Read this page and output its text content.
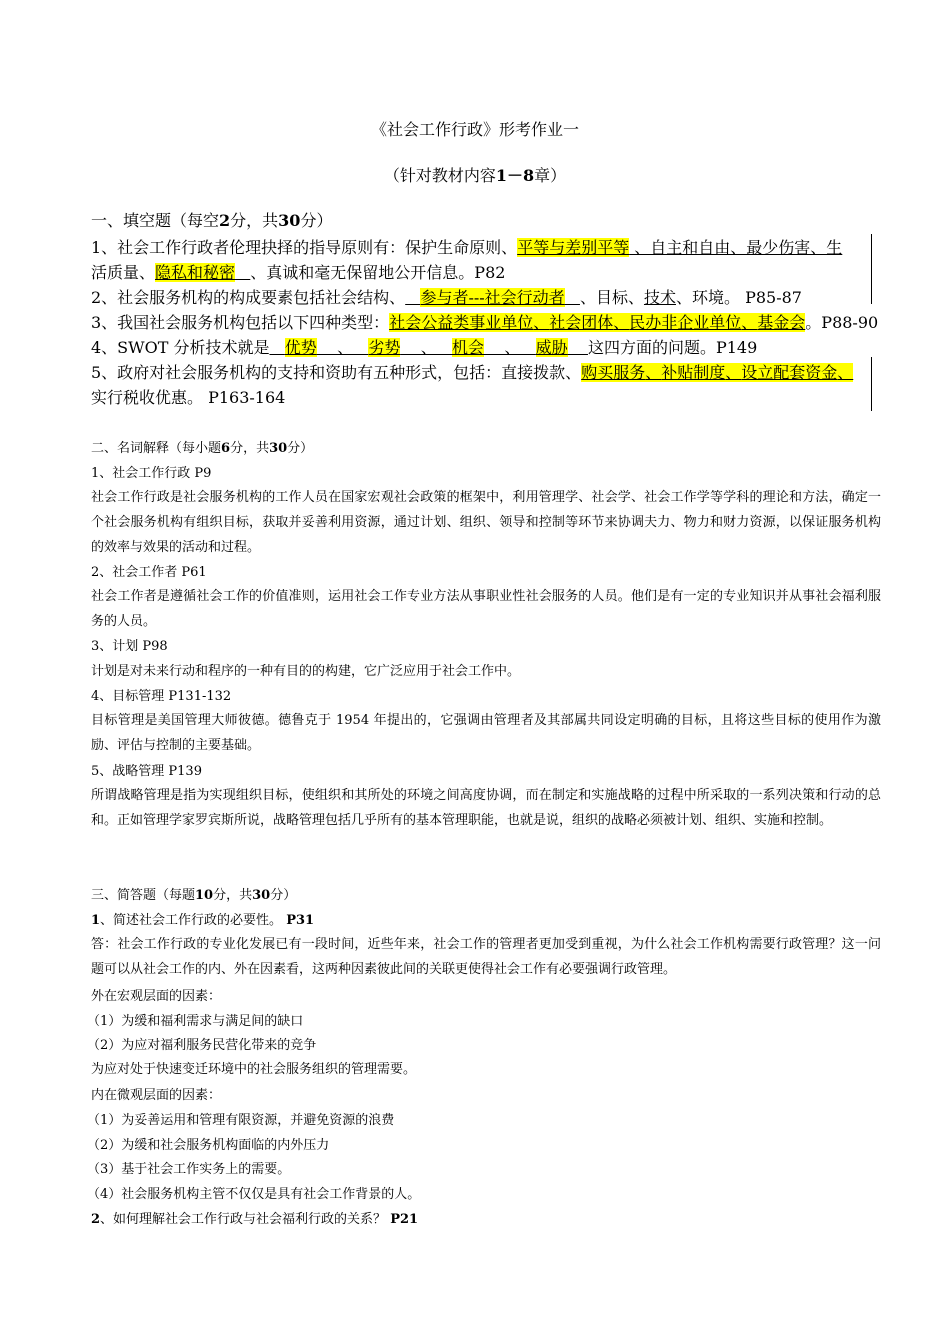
《社会工作行政》形考作业一
（针对教材内容1－8章）
一、填空题（每空2分，共30分）
1、社会工作行政者伦理抉择的指导原则有：保护生命原则、平等与差别平等 、自主和自由、最少伤害、生
活质量、隐私和秘密 、真诚和毫无保留地公开信息。P82
2、社会服务机构的构成要素包括社会结构、 参与者---社会行动者 、目标、技术、环境。 P85-87
3、我国社会服务机构包括以下四种类型：社会公益类事业单位、社会团体、民办非企业单位、基金会。P88-90
4、SWOT 分析技术就是 优势    、   劣势    、   机会    、   威胁 这四方面的问题。P149
5、政府对社会服务机构的支持和资助有五种形式，包括：直接拨款、购买服务、补贴制度、设立配套资金、
实行税收优惠。 P163-164
二、名词解释（每小题6分，共30分）
1、社会工作行政 P9
社会工作行政是社会服务机构的工作人员在国家宏观社会政策的框架中，利用管理学、社会学、社会工作学等学科的理论和方法，确定一个社会服务机构有组织目标，获取并妥善利用资源，通过计划、组织、领导和控制等环节来协调夫力、物力和财力资源，以保证服务机构的效率与效果的活动和过程。
2、社会工作者 P61
社会工作者是遵循社会工作的价值准则，运用社会工作专业方法从事职业性社会服务的人员。他们是有一定的专业知识并从事社会福利服务的人员。
3、计划 P98
计划是对未来行动和程序的一种有目的的构建，它广泛应用于社会工作中。
4、目标管理 P131-132
目标管理是美国管理大师彼德。德鲁克于 1954 年提出的，它强调由管理者及其部属共同设定明确的目标，且将这些目标的使用作为激励、评估与控制的主要基础。
5、战略管理 P139
所谓战略管理是指为实现组织目标，使组织和其所处的环境之间高度协调，而在制定和实施战略的过程中所采取的一系列决策和行动的总和。正如管理学家罗宾斯所说，战略管理包括几乎所有的基本管理职能，也就是说，组织的战略必须被计划、组织、实施和控制。
三、简答题（每题10分，共30分）
1、简述社会工作行政的必要性。 P31
答：社会工作行政的专业化发展已有一段时间，近些年来，社会工作的管理者更加受到重视，为什么社会工作机构需要行政管理？这一问题可以从社会工作的内、外在因素看，这两种因素彼此间的关联更使得社会工作有必要强调行政管理。
外在宏观层面的因素：
（1）为缓和福利需求与满足间的缺口
（2）为应对福利服务民营化带来的竞争
为应对处于快速变迁环境中的社会服务组织的管理需要。
内在微观层面的因素：
（1）为妥善运用和管理有限资源，并避免资源的浪费
（2）为缓和社会服务机构面临的内外压力
（3）基于社会工作实务上的需要。
（4）社会服务机构主管不仅仅是具有社会工作背景的人。
2、如何理解社会工作行政与社会福利行政的关系？ P21
